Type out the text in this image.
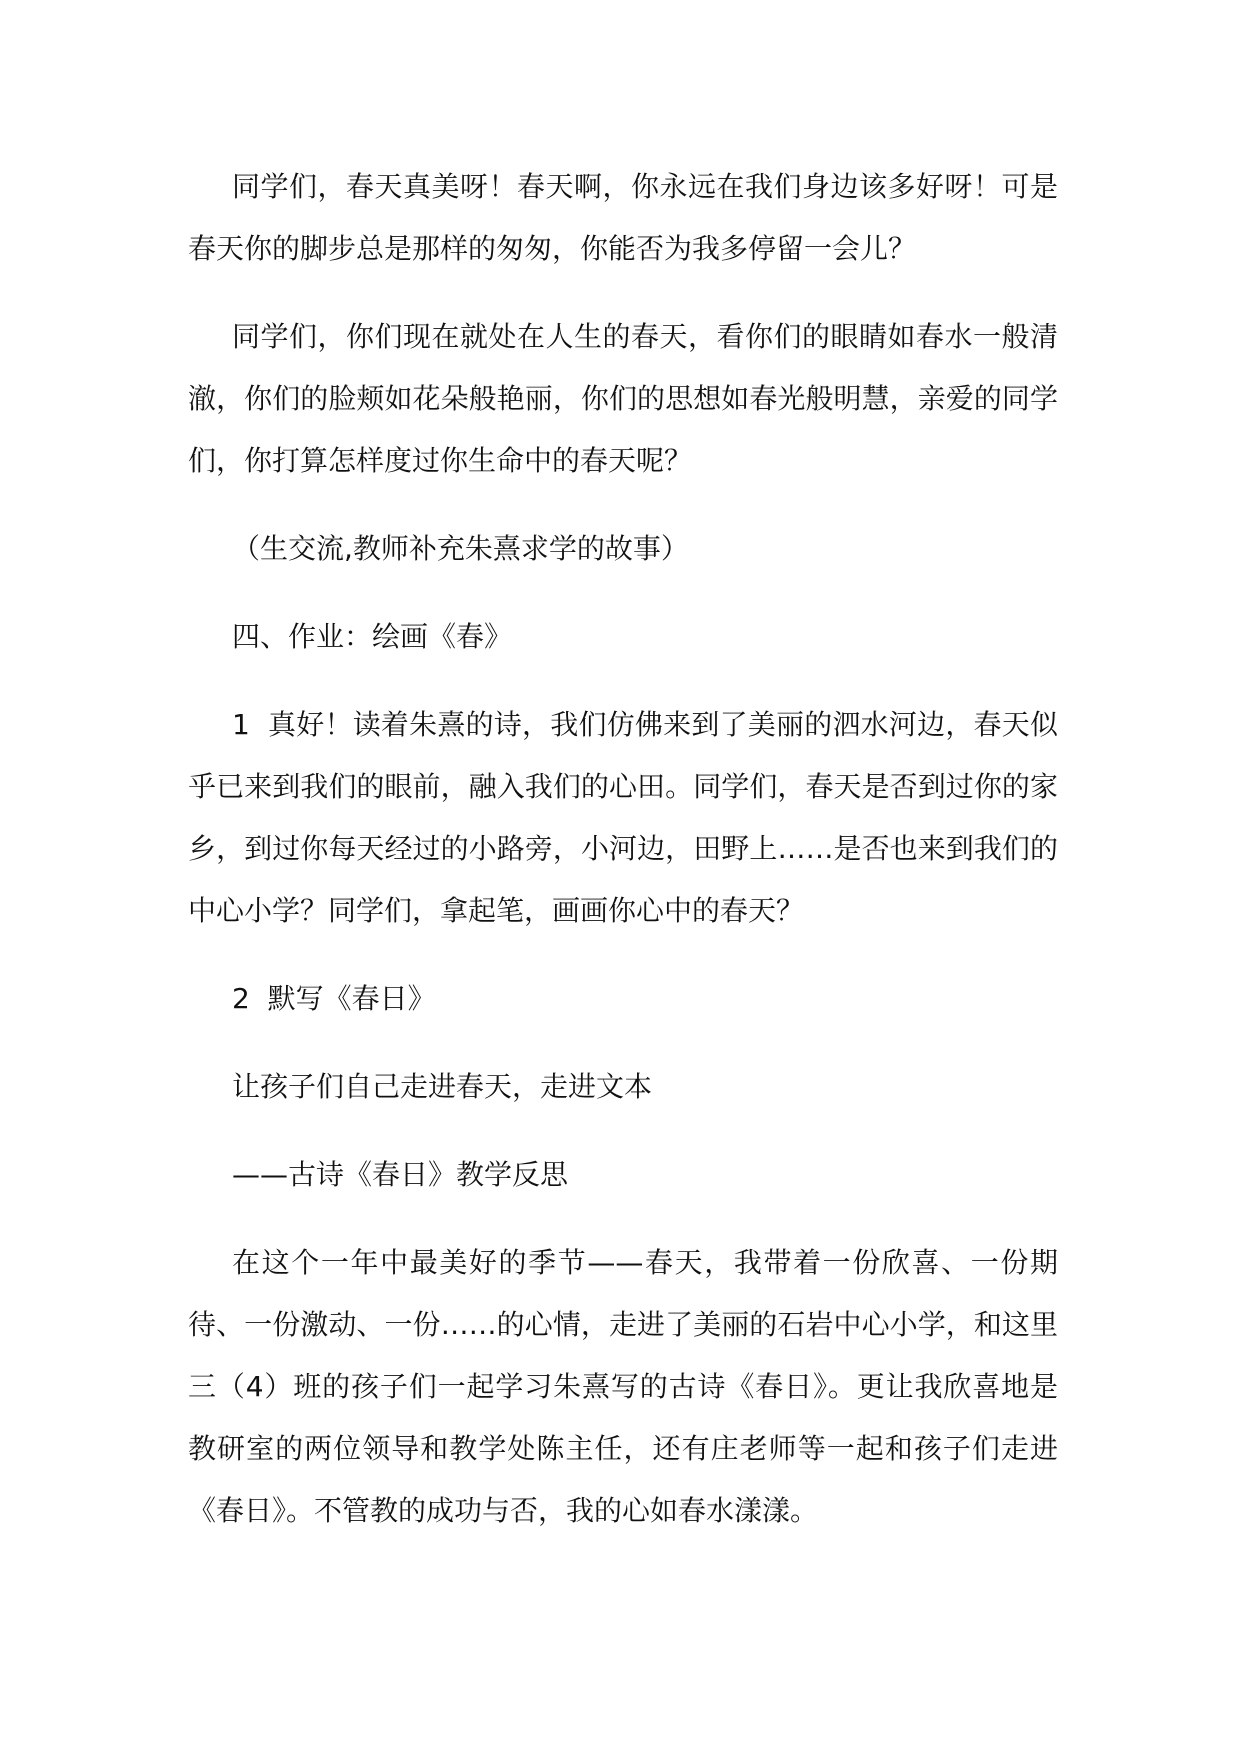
同学们，春天真美呀！春天啊，你永远在我们身边该多好呀！可是春天你的脚步总是那样的匆匆，你能否为我多停留一会儿？

同学们，你们现在就处在人生的春天，看你们的眼睛如春水一般清澈，你们的脸颊如花朵般艳丽，你们的思想如春光般明慧，亲爱的同学们，你打算怎样度过你生命中的春天呢？

（生交流,教师补充朱熹求学的故事）

四、作业：绘画《春》

1  真好！读着朱熹的诗，我们仿佛来到了美丽的泗水河边，春天似乎已来到我们的眼前，融入我们的心田。同学们，春天是否到过你的家乡，到过你每天经过的小路旁，小河边，田野上……是否也来到我们的中心小学？同学们，拿起笔，画画你心中的春天？

2  默写《春日》

让孩子们自己走进春天，走进文本

——古诗《春日》教学反思

在这个一年中最美好的季节——春天，我带着一份欣喜、一份期待、一份激动、一份……的心情，走进了美丽的石岩中心小学，和这里三（4）班的孩子们一起学习朱熹写的古诗《春日》。更让我欣喜地是教研室的两位领导和教学处陈主任，还有庄老师等一起和孩子们走进《春日》。不管教的成功与否，我的心如春水漾漾。
